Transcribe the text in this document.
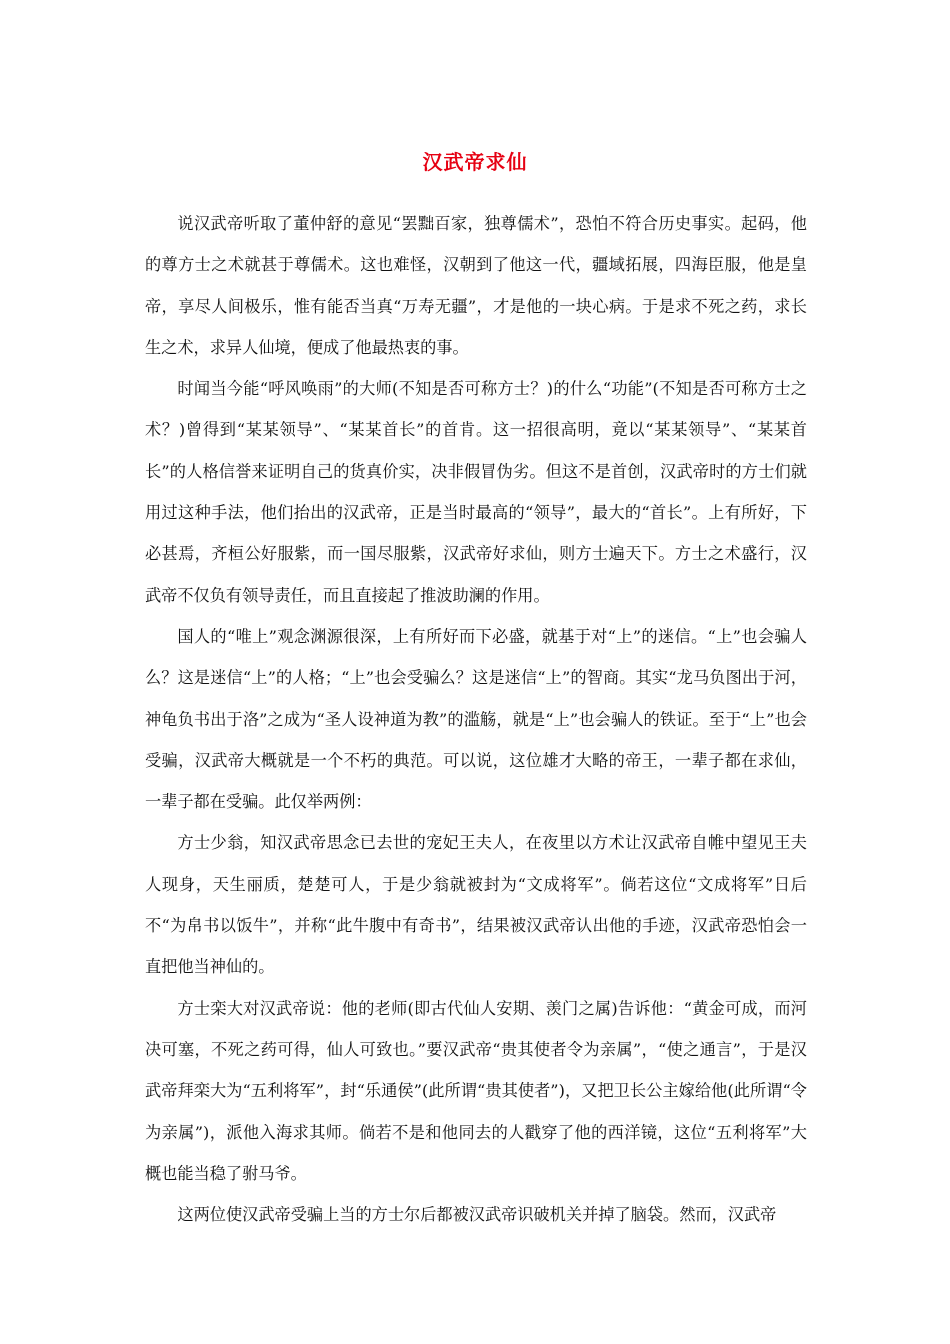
汉武帝求仙

说汉武帝听取了董仲舒的意见“罢黜百家，独尊儒术”，恐怕不符合历史事实。起码，他的尊方士之术就甚于尊儒术。这也难怪，汉朝到了他这一代，疆域拓展，四海臣服，他是皇帝，享尽人间极乐，惟有能否当真“万寿无疆”，才是他的一块心病。于是求不死之药，求长生之术，求异人仙境，便成了他最热衷的事。

时闻当今能“呼风唤雨”的大师(不知是否可称方士？)的什么“功能”(不知是否可称方士之术？)曾得到“某某领导”、“某某首长”的首肯。这一招很高明，竟以“某某领导”、“某某首长”的人格信誉来证明自己的货真价实，决非假冒伪劣。但这不是首创，汉武帝时的方士们就用过这种手法，他们抬出的汉武帝，正是当时最高的“领导”，最大的“首长”。上有所好，下必甚焉，齐桓公好服紫，而一国尽服紫，汉武帝好求仙，则方士遍天下。方士之术盛行，汉武帝不仅负有领导责任，而且直接起了推波助澜的作用。

国人的“唯上”观念渊源很深，上有所好而下必盛，就基于对“上”的迷信。“上”也会骗人么？这是迷信“上”的人格；“上”也会受骗么？这是迷信“上”的智商。其实“龙马负图出于河，神龟负书出于洛”之成为“圣人设神道为教”的滥觞，就是“上”也会骗人的铁证。至于“上”也会受骗，汉武帝大概就是一个不朽的典范。可以说，这位雄才大略的帝王，一辈子都在求仙，一辈子都在受骗。此仅举两例：

方士少翁，知汉武帝思念已去世的宠妃王夫人，在夜里以方术让汉武帝自帷中望见王夫人现身，天生丽质，楚楚可人，于是少翁就被封为“文成将军”。倘若这位“文成将军”日后不“为帛书以饭牛”，并称“此牛腹中有奇书”，结果被汉武帝认出他的手迹，汉武帝恐怕会一直把他当神仙的。

方士栾大对汉武帝说：他的老师(即古代仙人安期、羡门之属)告诉他：“黄金可成，而河决可塞，不死之药可得，仙人可致也。”要汉武帝“贵其使者令为亲属”，“使之通言”，于是汉武帝拜栾大为“五利将军”，封“乐通侯”(此所谓“贵其使者”)，又把卫长公主嫁给他(此所谓“令为亲属”)，派他入海求其师。倘若不是和他同去的人戳穿了他的西洋镜，这位“五利将军”大概也能当稳了驸马爷。

这两位使汉武帝受骗上当的方士尔后都被汉武帝识破机关并掉了脑袋。然而，汉武帝
